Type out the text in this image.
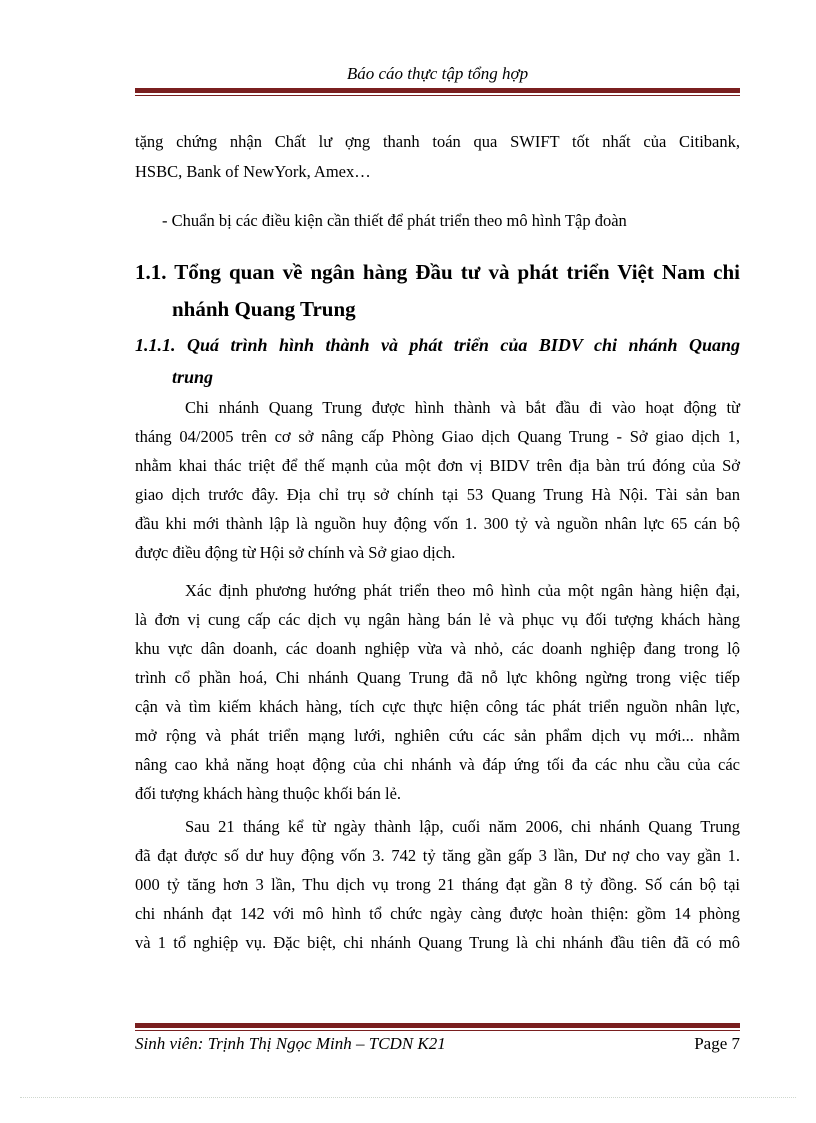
Báo cáo thực tập tổng hợp
tặng chứng nhận Chất lư ợng thanh toán qua SWIFT tốt nhất của Citibank,
HSBC, Bank of NewYork, Amex…
- Chuẩn bị các điều kiện cần thiết để phát triển theo mô hình Tập đoàn
1.1. Tổng quan về ngân hàng Đầu tư và phát triển Việt Nam chi
nhánh Quang Trung
1.1.1. Quá trình hình thành và phát triển của BIDV chi nhánh Quang
trung
Chi nhánh Quang Trung được hình thành và bắt đầu đi vào hoạt động từ
tháng 04/2005 trên cơ sở nâng cấp Phòng Giao dịch Quang Trung - Sở giao dịch 1,
nhằm khai thác triệt để thế mạnh của một đơn vị BIDV trên địa bàn trú đóng của Sở
giao dịch trước đây. Địa chỉ trụ sở chính tại 53 Quang Trung Hà Nội. Tài sản ban
đầu khi mới thành lập là nguồn huy động vốn 1. 300 tỷ và nguồn nhân lực 65 cán bộ
được điều động từ Hội sở chính và Sở giao dịch.
Xác định phương hướng phát triển theo mô hình của một ngân hàng hiện đại,
là đơn vị cung cấp các dịch vụ ngân hàng bán lẻ và phục vụ đối tượng khách hàng
khu vực dân doanh, các doanh nghiệp vừa và nhỏ, các doanh nghiệp đang trong lộ
trình cổ phần hoá, Chi nhánh Quang Trung đã nỗ lực không ngừng trong việc tiếp
cận và tìm kiếm khách hàng, tích cực thực hiện công tác phát triển nguồn nhân lực,
mở rộng và phát triển mạng lưới, nghiên cứu các sản phẩm dịch vụ mới... nhằm
nâng cao khả năng hoạt động của chi nhánh và đáp ứng tối đa các nhu cầu của các
đối tượng khách hàng thuộc khối bán lẻ.
Sau 21 tháng kể từ ngày thành lập, cuối năm 2006, chi nhánh Quang Trung
đã đạt được số dư huy động vốn 3. 742 tỷ tăng gần gấp 3 lần, Dư nợ cho vay gần 1.
000 tỷ tăng hơn 3 lần, Thu dịch vụ trong 21 tháng đạt gần 8 tỷ đồng. Số cán bộ tại
chi nhánh đạt 142 với mô hình tổ chức ngày càng được hoàn thiện: gồm 14 phòng
và 1 tổ nghiệp vụ. Đặc biệt, chi nhánh Quang Trung là chi nhánh đầu tiên đã có mô
Sinh viên: Trịnh Thị Ngọc Minh – TCDN K21	Page 7
